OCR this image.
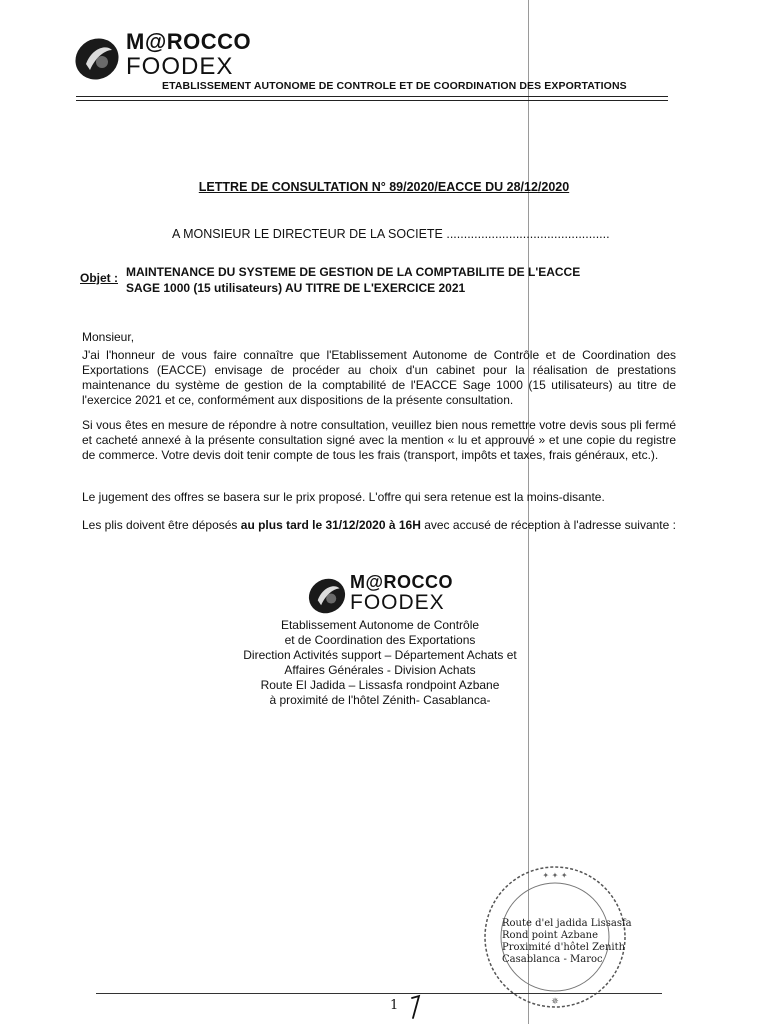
M@ROCCO
FOODEX
ETABLISSEMENT AUTONOME DE CONTROLE ET DE COORDINATION DES EXPORTATIONS
LETTRE DE CONSULTATION N° 89/2020/EACCE DU 28/12/2020
A MONSIEUR LE DIRECTEUR DE LA SOCIETE ...............................................
Objet : MAINTENANCE DU SYSTEME DE GESTION DE LA COMPTABILITE DE L'EACCE
SAGE 1000 (15 utilisateurs) AU TITRE DE L'EXERCICE 2021
Monsieur,
J'ai l'honneur de vous faire connaître que l'Etablissement Autonome de Contrôle et de Coordination des Exportations (EACCE) envisage de procéder au choix d'un cabinet pour la réalisation de prestations maintenance du système de gestion de la comptabilité de l'EACCE Sage 1000 (15 utilisateurs) au titre de l'exercice 2021 et ce, conformément aux dispositions de la présente consultation.
Si vous êtes en mesure de répondre à notre consultation, veuillez bien nous remettre votre devis sous pli fermé et cacheté annexé à la présente consultation signé avec la mention « lu et approuvé » et une copie du registre de commerce. Votre devis doit tenir compte de tous les frais (transport, impôts et taxes, frais généraux, etc.).
Le jugement des offres se basera sur le prix proposé. L'offre qui sera retenue est la moins-disante.
Les plis doivent être déposés au plus tard le 31/12/2020 à 16H avec accusé de réception à l'adresse suivante :
M@ROCCO
FOODEX
Etablissement Autonome de Contrôle
et de Coordination des Exportations
Direction Activités support – Département Achats et
Affaires Générales - Division Achats
Route El Jadida – Lissasfa rondpoint Azbane
à proximité de l'hôtel Zénith- Casablanca-
✦ ✦ ✦
✵
Route d'el jadida Lissasfa
Rond point Azbane
Proximité d'hôtel Zenith
Casablanca - Maroc
1
